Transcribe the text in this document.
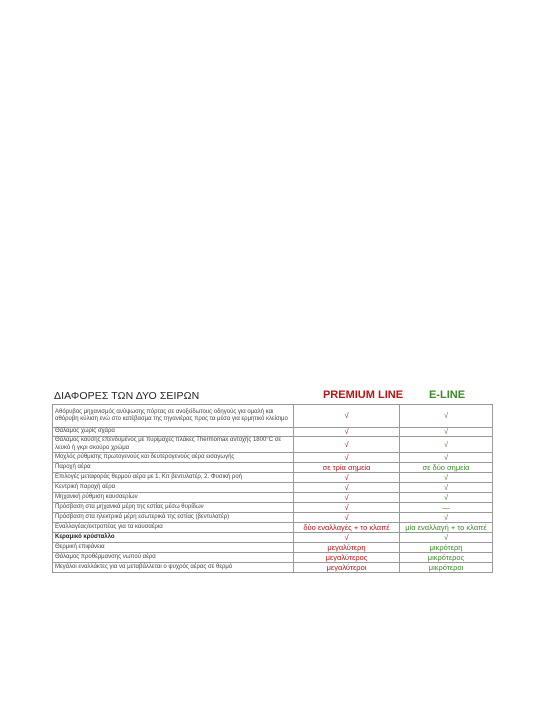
ΔΙΑΦΟΡΕΣ ΤΩΝ ΔΥΟ ΣΕΙΡΩΝ	PREMIUM LINE	E-LINE
Αθόρυβος μηχανισμός ανύψωσης πόρτας σε ανοξείδωτους οδηγούς για ομαλή και αθόρυβη κύλιση ενώ στο κατέβασμα της τηγανιέρας προς τα μέσα για ερμητικό κλείσιμο	√	√
Θάλαμος χωρίς σχάρα	√	√
Θάλαμος καύσης επενδυμένος με πυρίμαχες πλάκες Thermomax αντοχής 1800°C σε λευκό ή γκρι σκούρο χρώμα	√	√
Μοχλός ρύθμισης πρωτογενούς και δευτερογενούς αέρα εισαγωγής	√	√
Παροχή αέρα	σε τρία σημεία	σε δύο σημεία
Επιλογές μεταφοράς θερμού αέρα με 1. Κιτ βεντυλατέρ, 2. Φυσική ροή	√	√
Κεντρική παροχή αέρα	√	√
Μηχανική ρύθμιση καυσαερίων	√	√
Πρόσβαση στα μηχανικά μέρη της εστίας μέσω θυρίδων	√	—
Πρόσβαση στα ηλεκτρικά μέρη εσωτερικά της εστίας (βεντυλατέρ)	√	√
Εναλλαγέας/εκτροπέας για τα καυσαέρια	δύο εναλλαγές + το κλαπέ	μία εναλλαγή + το κλαπέ
Κεραμικό κρύσταλλο	√	√
Θερμική επιφάνεια	μεγαλύτερη	μικρότερη
Θάλαμος προθέρμανσης νωπού αέρα	μεγαλύτερος	μικρότερος
Μεγάλοι εναλλάκτες για να μεταβάλλεται ο ψυχρός αέρας σε θερμό	μεγαλύτεροι	μικρότεροι
